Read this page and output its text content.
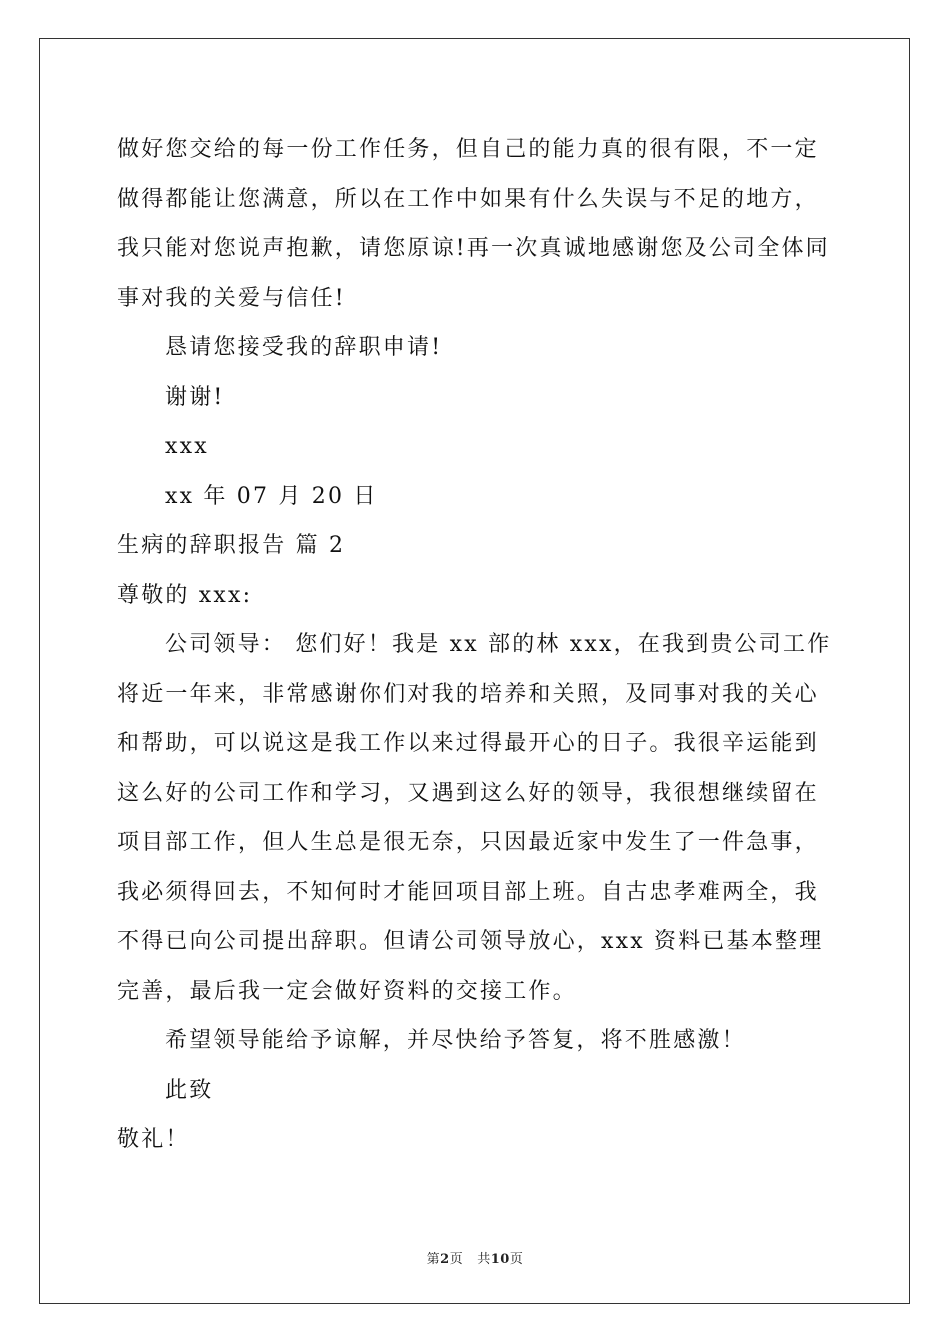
做好您交给的每一份工作任务，但自己的能力真的很有限，不一定做得都能让您满意，所以在工作中如果有什么失误与不足的地方，我只能对您说声抱歉，请您原谅!再一次真诚地感谢您及公司全体同事对我的关爱与信任!

恳请您接受我的辞职申请!

谢谢!

xxx

xx 年 07 月 20 日

生病的辞职报告 篇 2

尊敬的 xxx:

公司领导： 您们好！我是 xx 部的林 xxx，在我到贵公司工作将近一年来，非常感谢你们对我的培养和关照，及同事对我的关心和帮助，可以说这是我工作以来过得最开心的日子。我很辛运能到这么好的公司工作和学习，又遇到这么好的领导，我很想继续留在项目部工作，但人生总是很无奈，只因最近家中发生了一件急事，我必须得回去，不知何时才能回项目部上班。自古忠孝难两全，我不得已向公司提出辞职。但请公司领导放心，xxx 资料已基本整理完善，最后我一定会做好资料的交接工作。

希望领导能给予谅解，并尽快给予答复，将不胜感激！

此致

敬礼！

第2页 共10页
